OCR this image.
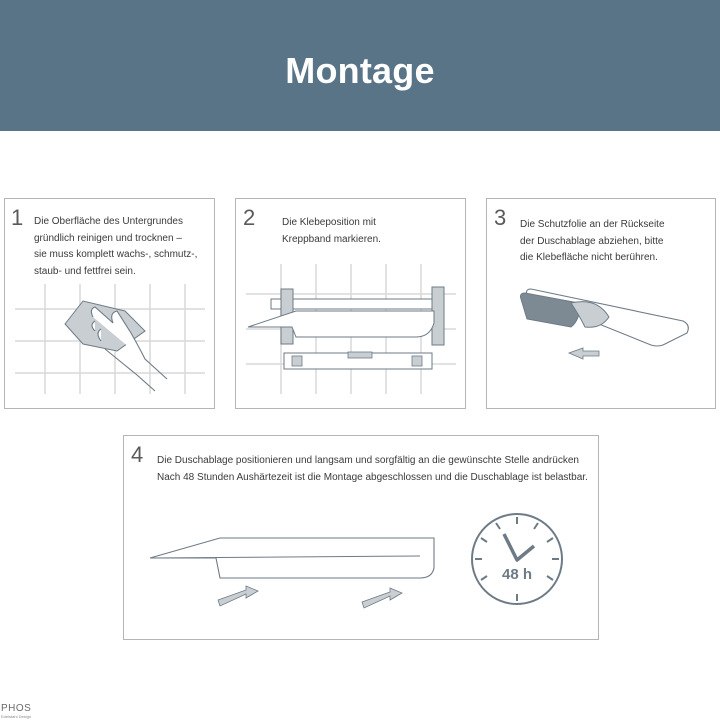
Montage
1 Die Oberfläche des Untergrundes
gründlich reinigen und trocknen –
sie muss komplett wachs-, schmutz-,
staub- und fettfrei sein.
2	Die Klebeposition mit
Kreppband markieren.
3 Die Schutzfolie an der Rückseite
der Duschablage abziehen, bitte
die Klebefläche nicht berühren.
4 Die Duschablage positionieren und langsam und sorgfältig an die gewünschte Stelle andrücken
Nach 48 Stunden Aushärtezeit ist die Montage abgeschlossen und die Duschablage ist belastbar.
48 h
PHOS
Edelstahl Design
